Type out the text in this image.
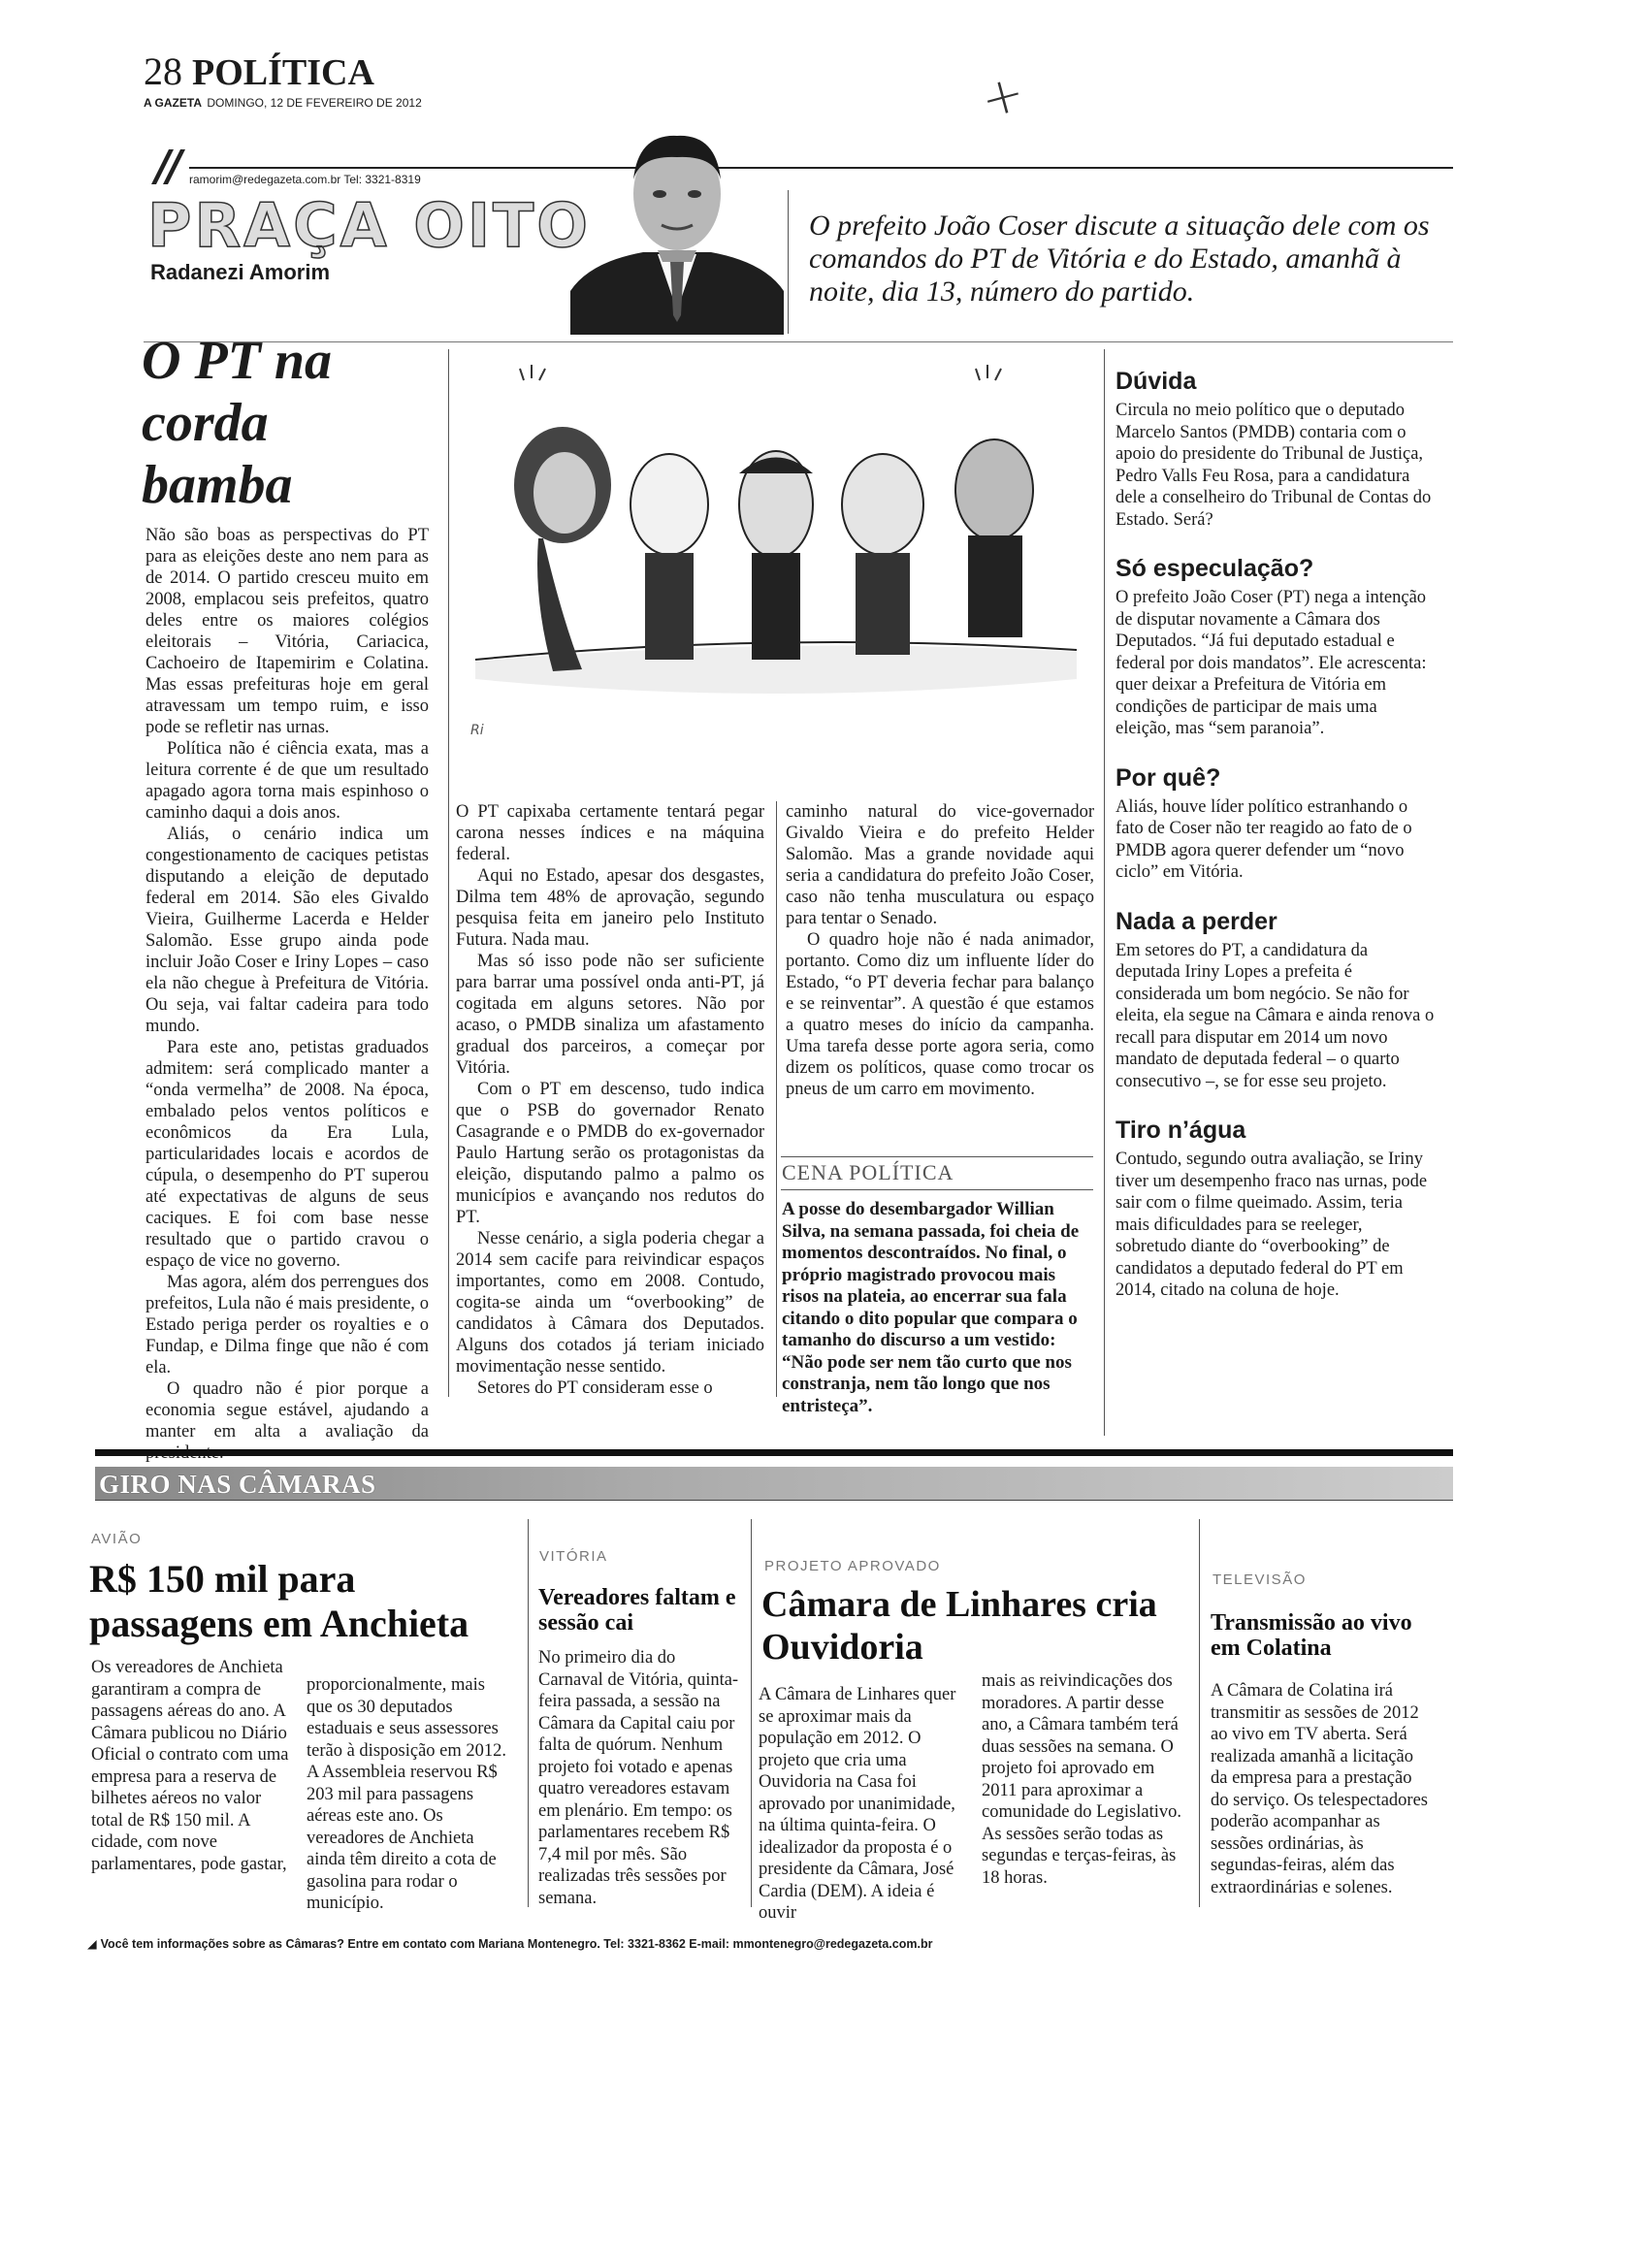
28 POLÍTICA
A GAZETA DOMINGO, 12 DE FEVEREIRO DE 2012	+
ramorim@redegazeta.com.br Tel: 3321-8319
PRAÇA OITO
Radanezi Amorim
O prefeito João Coser discute a situação dele com os comandos do PT de Vitória e do Estado, amanhã à noite, dia 13, número do partido.
O PT na corda bamba

Não são boas as perspectivas do PT para as eleições deste ano nem para as de 2014. O partido cresceu muito em 2008, emplacou seis prefeitos, quatro deles entre os maiores colégios eleitorais – Vitória, Cariacica, Cachoeiro de Itapemirim e Colatina. Mas essas prefeituras hoje em geral atravessam um tempo ruim, e isso pode se refletir nas urnas.

Política não é ciência exata, mas a leitura corrente é de que um resultado apagado agora torna mais espinhoso o caminho daqui a dois anos.

Aliás, o cenário indica um congestionamento de caciques petistas disputando a eleição de deputado federal em 2014. São eles Givaldo Vieira, Guilherme Lacerda e Helder Salomão. Esse grupo ainda pode incluir João Coser e Iriny Lopes – caso ela não chegue à Prefeitura de Vitória. Ou seja, vai faltar cadeira para todo mundo.

Para este ano, petistas graduados admitem: será complicado manter a “onda vermelha” de 2008. Na época, embalado pelos ventos políticos e econômicos da Era Lula, particularidades locais e acordos de cúpula, o desempenho do PT superou até expectativas de alguns de seus caciques. E foi com base nesse resultado que o partido cravou o espaço de vice no governo.

Mas agora, além dos perrengues dos prefeitos, Lula não é mais presidente, o Estado periga perder os royalties e o Fundap, e Dilma finge que não é com ela.

O quadro não é pior porque a economia segue estável, ajudando a manter em alta a avaliação da

Ri

O PT capixaba certamente tentará pegar carona nesses índices e na máquina federal.

Aqui no Estado, apesar dos desgastes, Dilma tem 48% de aprovação, segundo pesquisa feita em janeiro pelo Instituto Futura. Nada mau.

Mas só isso pode não ser suficiente para barrar uma possível onda anti-PT, já cogitada em alguns setores. Não por acaso, o PMDB sinaliza um afastamento gradual dos parceiros, a começar por Vitória.

Com o PT em descenso, tudo indica que o PSB do governador Renato Casagrande e o PMDB do ex-governador Paulo Hartung serão os protagonistas da eleição, disputando palmo a palmo os municípios e avançando nos redutos do PT.

Nesse cenário, a sigla poderia chegar a 2014 sem cacife para reivindicar espaços importantes, como em 2008. Contudo, cogita-se ainda um “overbooking” de candidatos à Câmara dos Deputados. Alguns dos cotados já teriam iniciado movimentação nesse sentido.

Setores do PT consideram esse o

caminho natural do vice-governador Givaldo Vieira e do prefeito Helder Salomão. Mas a grande novidade aqui seria a candidatura do prefeito João Coser, caso não tenha musculatura ou espaço para tentar o Senado.

O quadro hoje não é nada animador, portanto. Como diz um influente líder do Estado, “o PT deveria fechar para balanço e se reinventar”. A questão é que estamos a quatro meses do início da campanha. Uma tarefa desse porte agora seria, como dizem os políticos, quase como trocar os pneus de um carro em movimento.

CENA POLÍTICA
A posse do desembargador Willian Silva, na semana passada, foi cheia de momentos descontraídos. No final, o próprio magistrado provocou mais risos na plateia, ao encerrar sua fala citando o dito popular que compara o tamanho do discurso a um vestido: “Não pode ser nem tão curto que nos constranja, nem tão longo que nos entristeça”.
Dúvida
Circula no meio político que o deputado Marcelo Santos (PMDB) contaria com o apoio do presidente do Tribunal de Justiça, Pedro Valls Feu Rosa, para a candidatura dele a conselheiro do Tribunal de Contas do Estado. Será?
Só especulação?
O prefeito João Coser (PT) nega a intenção de disputar novamente a Câmara dos Deputados. “Já fui deputado estadual e federal por dois mandatos”. Ele acrescenta: quer deixar a Prefeitura de Vitória em condições de participar de mais uma eleição, mas “sem paranoia”.
Por quê?
Aliás, houve líder político estranhando o fato de Coser não ter reagido ao fato de o PMDB agora querer defender um “novo ciclo” em Vitória.
Nada a perder
Em setores do PT, a candidatura da deputada Iriny Lopes a prefeita é considerada um bom negócio. Se não for eleita, ela segue na Câmara e ainda renova o recall para disputar em 2014 um novo mandato de deputada federal – o quarto consecutivo –, se for esse seu projeto.
Tiro n’água
Contudo, segundo outra avaliação, se Iriny tiver um desempenho fraco nas urnas, pode sair com o filme queimado. Assim, teria mais dificuldades para se reeleger, sobretudo diante do “overbooking” de candidatos a deputado federal do PT em 2014, citado na coluna de hoje.
GIRO NAS CÂMARAS
AVIÃO
R$ 150 mil para passagens em Anchieta
Os vereadores de Anchieta garantiram a compra de passagens aéreas do ano. A Câmara publicou no Diário Oficial o contrato com uma empresa para a reserva de bilhetes aéreos no valor total de R$ 150 mil. A cidade, com nove parlamentares, pode gastar,
proporcionalmente, mais que os 30 deputados estaduais e seus assessores terão à disposição em 2012. A Assembleia reservou R$ 203 mil para passagens aéreas este ano. Os vereadores de Anchieta ainda têm direito a cota de gasolina para rodar o município.
VITÓRIA
Vereadores faltam e sessão cai
No primeiro dia do Carnaval de Vitória, quinta-feira passada, a sessão na Câmara da Capital caiu por falta de quórum. Nenhum projeto foi votado e apenas quatro vereadores estavam em plenário. Em tempo: os parlamentares recebem R$ 7,4 mil por mês. São realizadas três sessões por semana.
PROJETO APROVADO
Câmara de Linhares cria Ouvidoria
A Câmara de Linhares quer se aproximar mais da população em 2012. O projeto que cria uma Ouvidoria na Casa foi aprovado por unanimidade, na última quinta-feira. O idealizador da proposta é o presidente da Câmara, José Cardia (DEM). A ideia é ouvir
mais as reivindicações dos moradores. A partir desse ano, a Câmara também terá duas sessões na semana. O projeto foi aprovado em 2011 para aproximar a comunidade do Legislativo. As sessões serão todas as segundas e terças-feiras, às 18 horas.
TELEVISÃO
Transmissão ao vivo em Colatina
A Câmara de Colatina irá transmitir as sessões de 2012 ao vivo em TV aberta. Será realizada amanhã a licitação da empresa para a prestação do serviço. Os telespectadores poderão acompanhar as sessões ordinárias, às segundas-feiras, além das extraordinárias e solenes.
◢ Você tem informações sobre as Câmaras? Entre em contato com Mariana Montenegro. Tel: 3321-8362 E-mail: mmontenegro@redegazeta.com.br
